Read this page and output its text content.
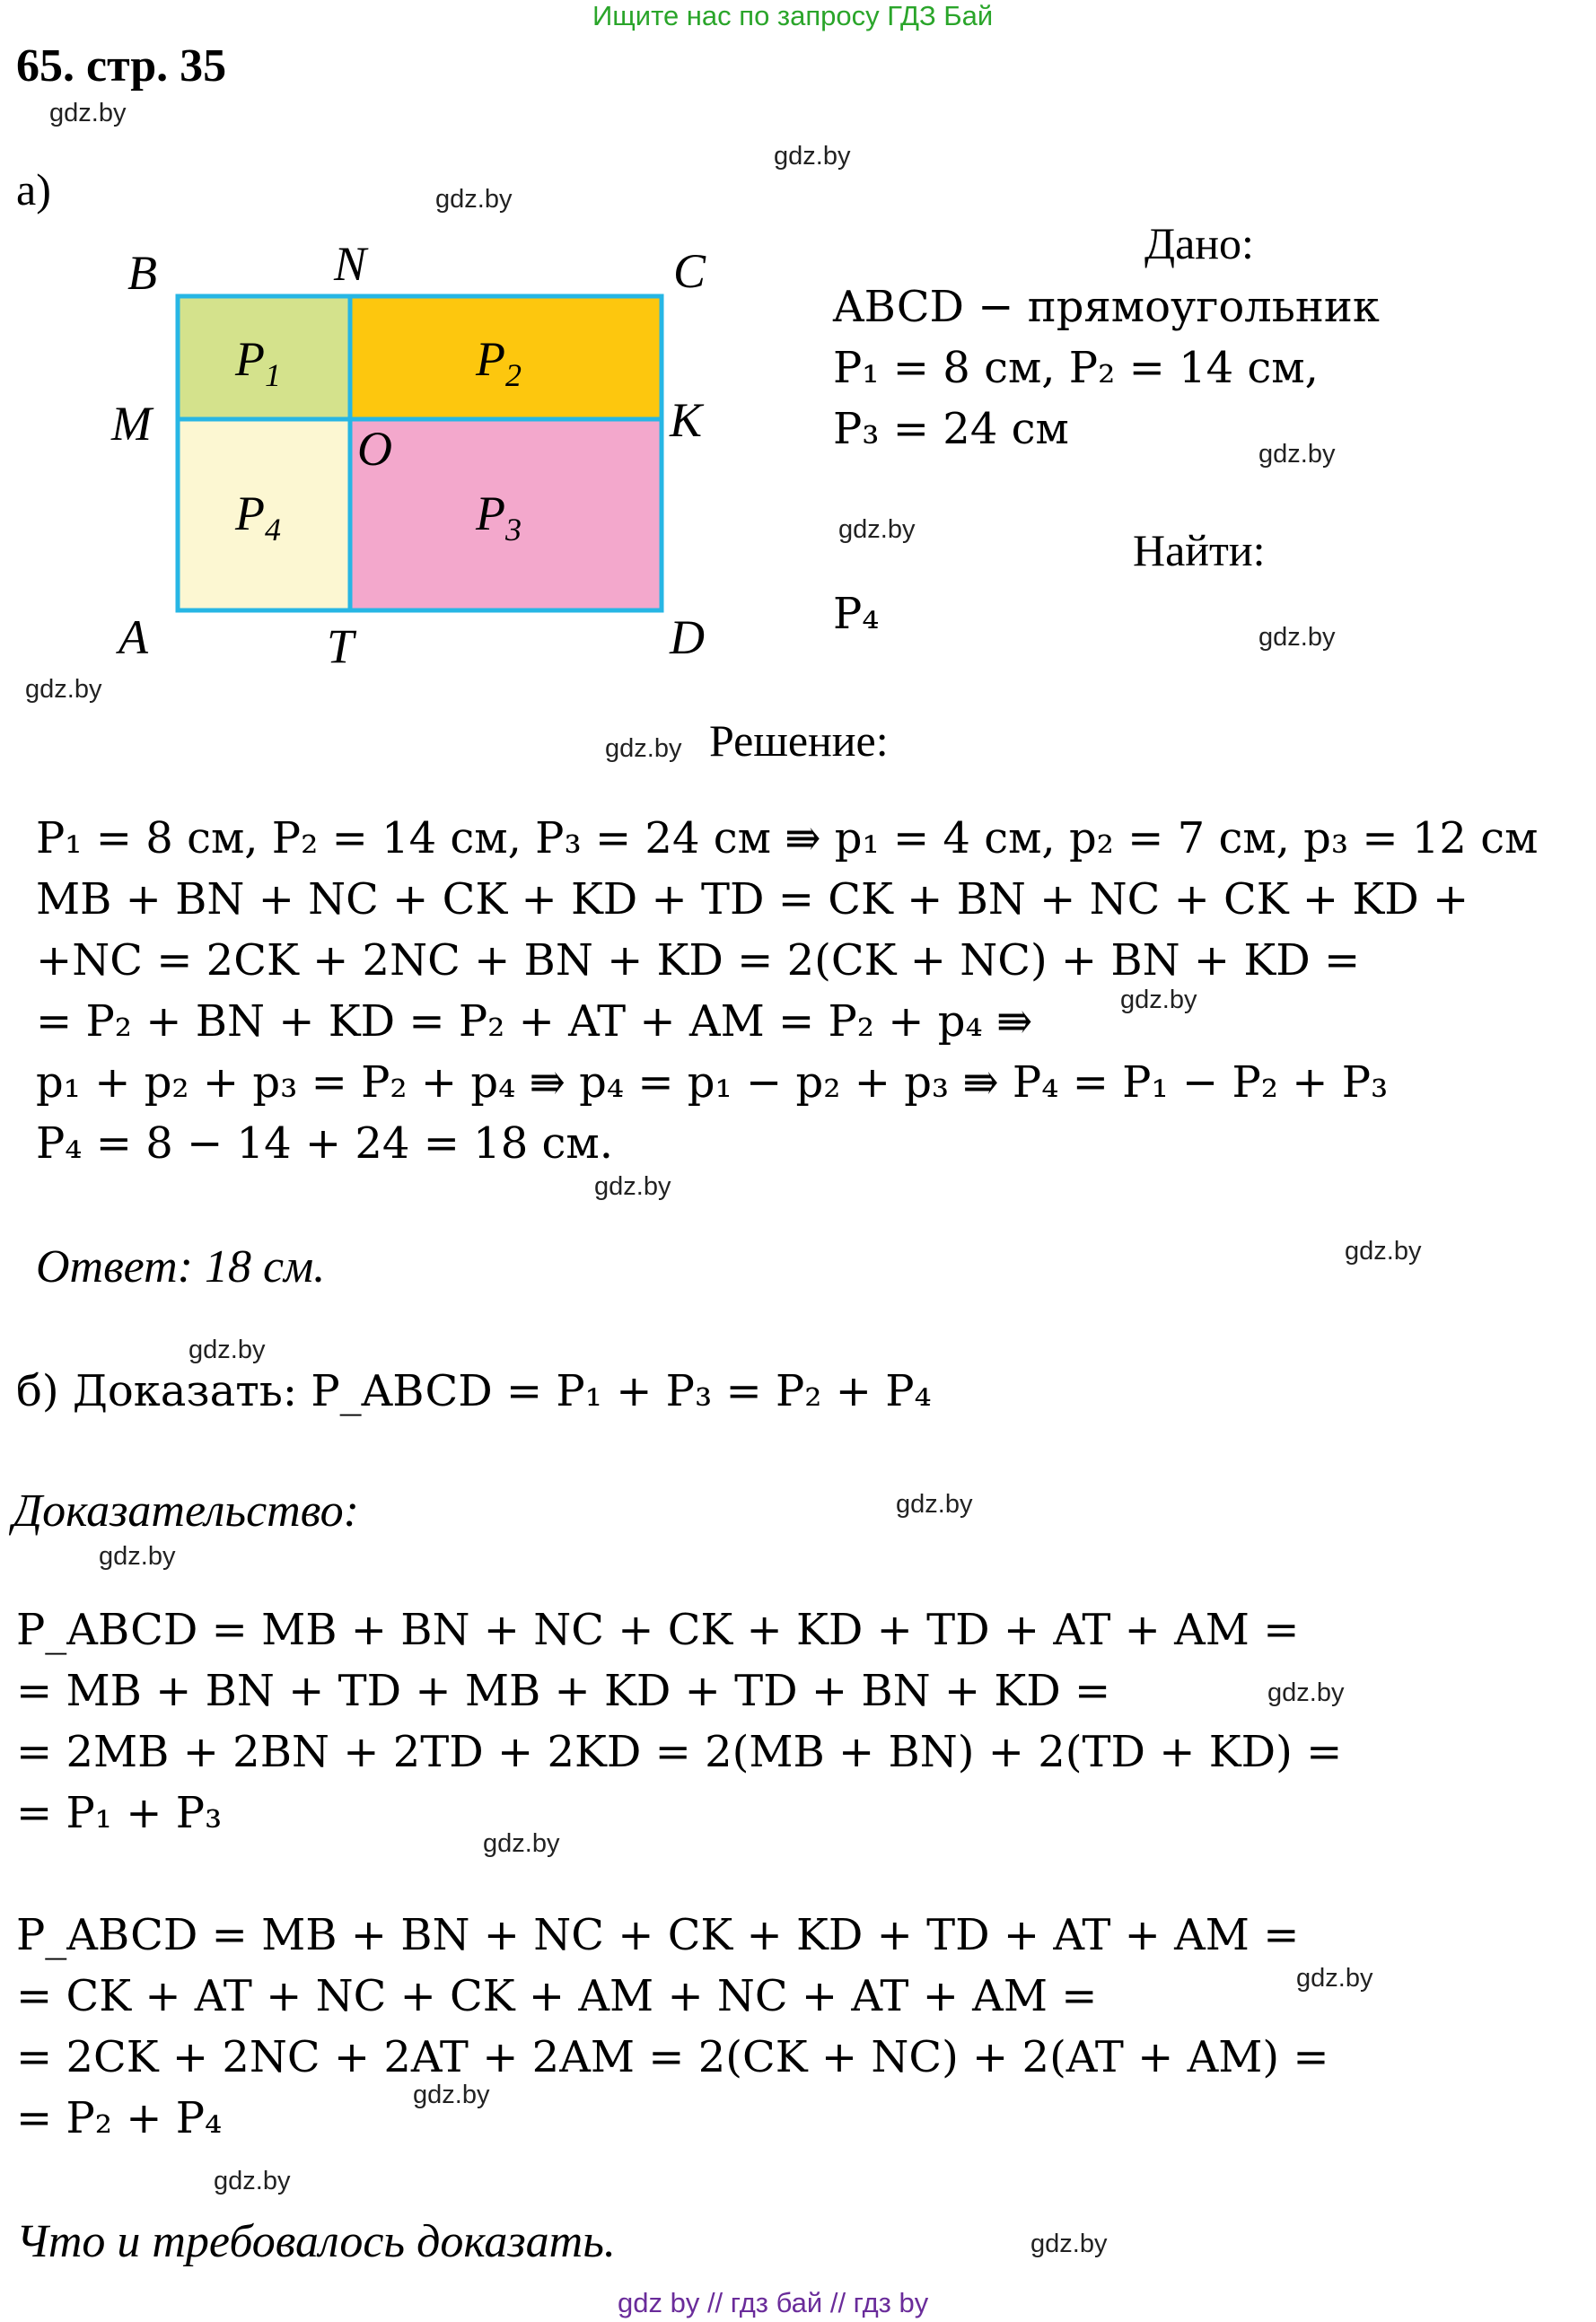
Ищите нас по запросу ГДЗ Бай
65. стр. 35
gdz.by
gdz.by
gdz.by
gdz.by
gdz.by
gdz.by
gdz.by
gdz.by
gdz.by
gdz.by
gdz.by
gdz.by
gdz.by
gdz.by
gdz.by
gdz.by
gdz.by
gdz.by
gdz.by
gdz.by
а)
B	N	C
M	O
K
A	T	D
$P_1$	$P_2$
$P_4$	$P_3$
Дано:
ABCD − прямоугольник
P₁ = 8 см, P₂ = 14 см,
P₃ = 24 см
Найти:
P₄
Решение:
P₁ = 8 см, P₂ = 14 см, P₃ = 24 см ⇛ p₁ = 4 см, p₂ = 7 см, p₃ = 12 см
MB + BN + NC + CK + KD + TD = CK + BN + NC + CK + KD +
+NC = 2CK + 2NC + BN + KD = 2(CK + NC) + BN + KD =
= P₂ + BN + KD = P₂ + AT + AM = P₂ + p₄ ⇛
p₁ + p₂ + p₃ = P₂ + p₄ ⇛ p₄ = p₁ − p₂ + p₃ ⇛ P₄ = P₁ − P₂ + P₃
P₄ = 8 − 14 + 24 = 18 см.
Ответ: 18 см.
б) Доказать: P_ABCD = P₁ + P₃ = P₂ + P₄
Доказательство:
P_ABCD = MB + BN + NC + CK + KD + TD + AT + AM =
= MB + BN + TD + MB + KD + TD + BN + KD =
= 2MB + 2BN + 2TD + 2KD = 2(MB + BN) + 2(TD + KD) =
= P₁ + P₃
P_ABCD = MB + BN + NC + CK + KD + TD + AT + AM =
= CK + AT + NC + CK + AM + NC + AT + AM =
= 2CK + 2NC + 2AT + 2AM = 2(CK + NC) + 2(AT + AM) =
= P₂ + P₄
Что и требовалось доказать.
gdz by // гдз бай // гдз by
